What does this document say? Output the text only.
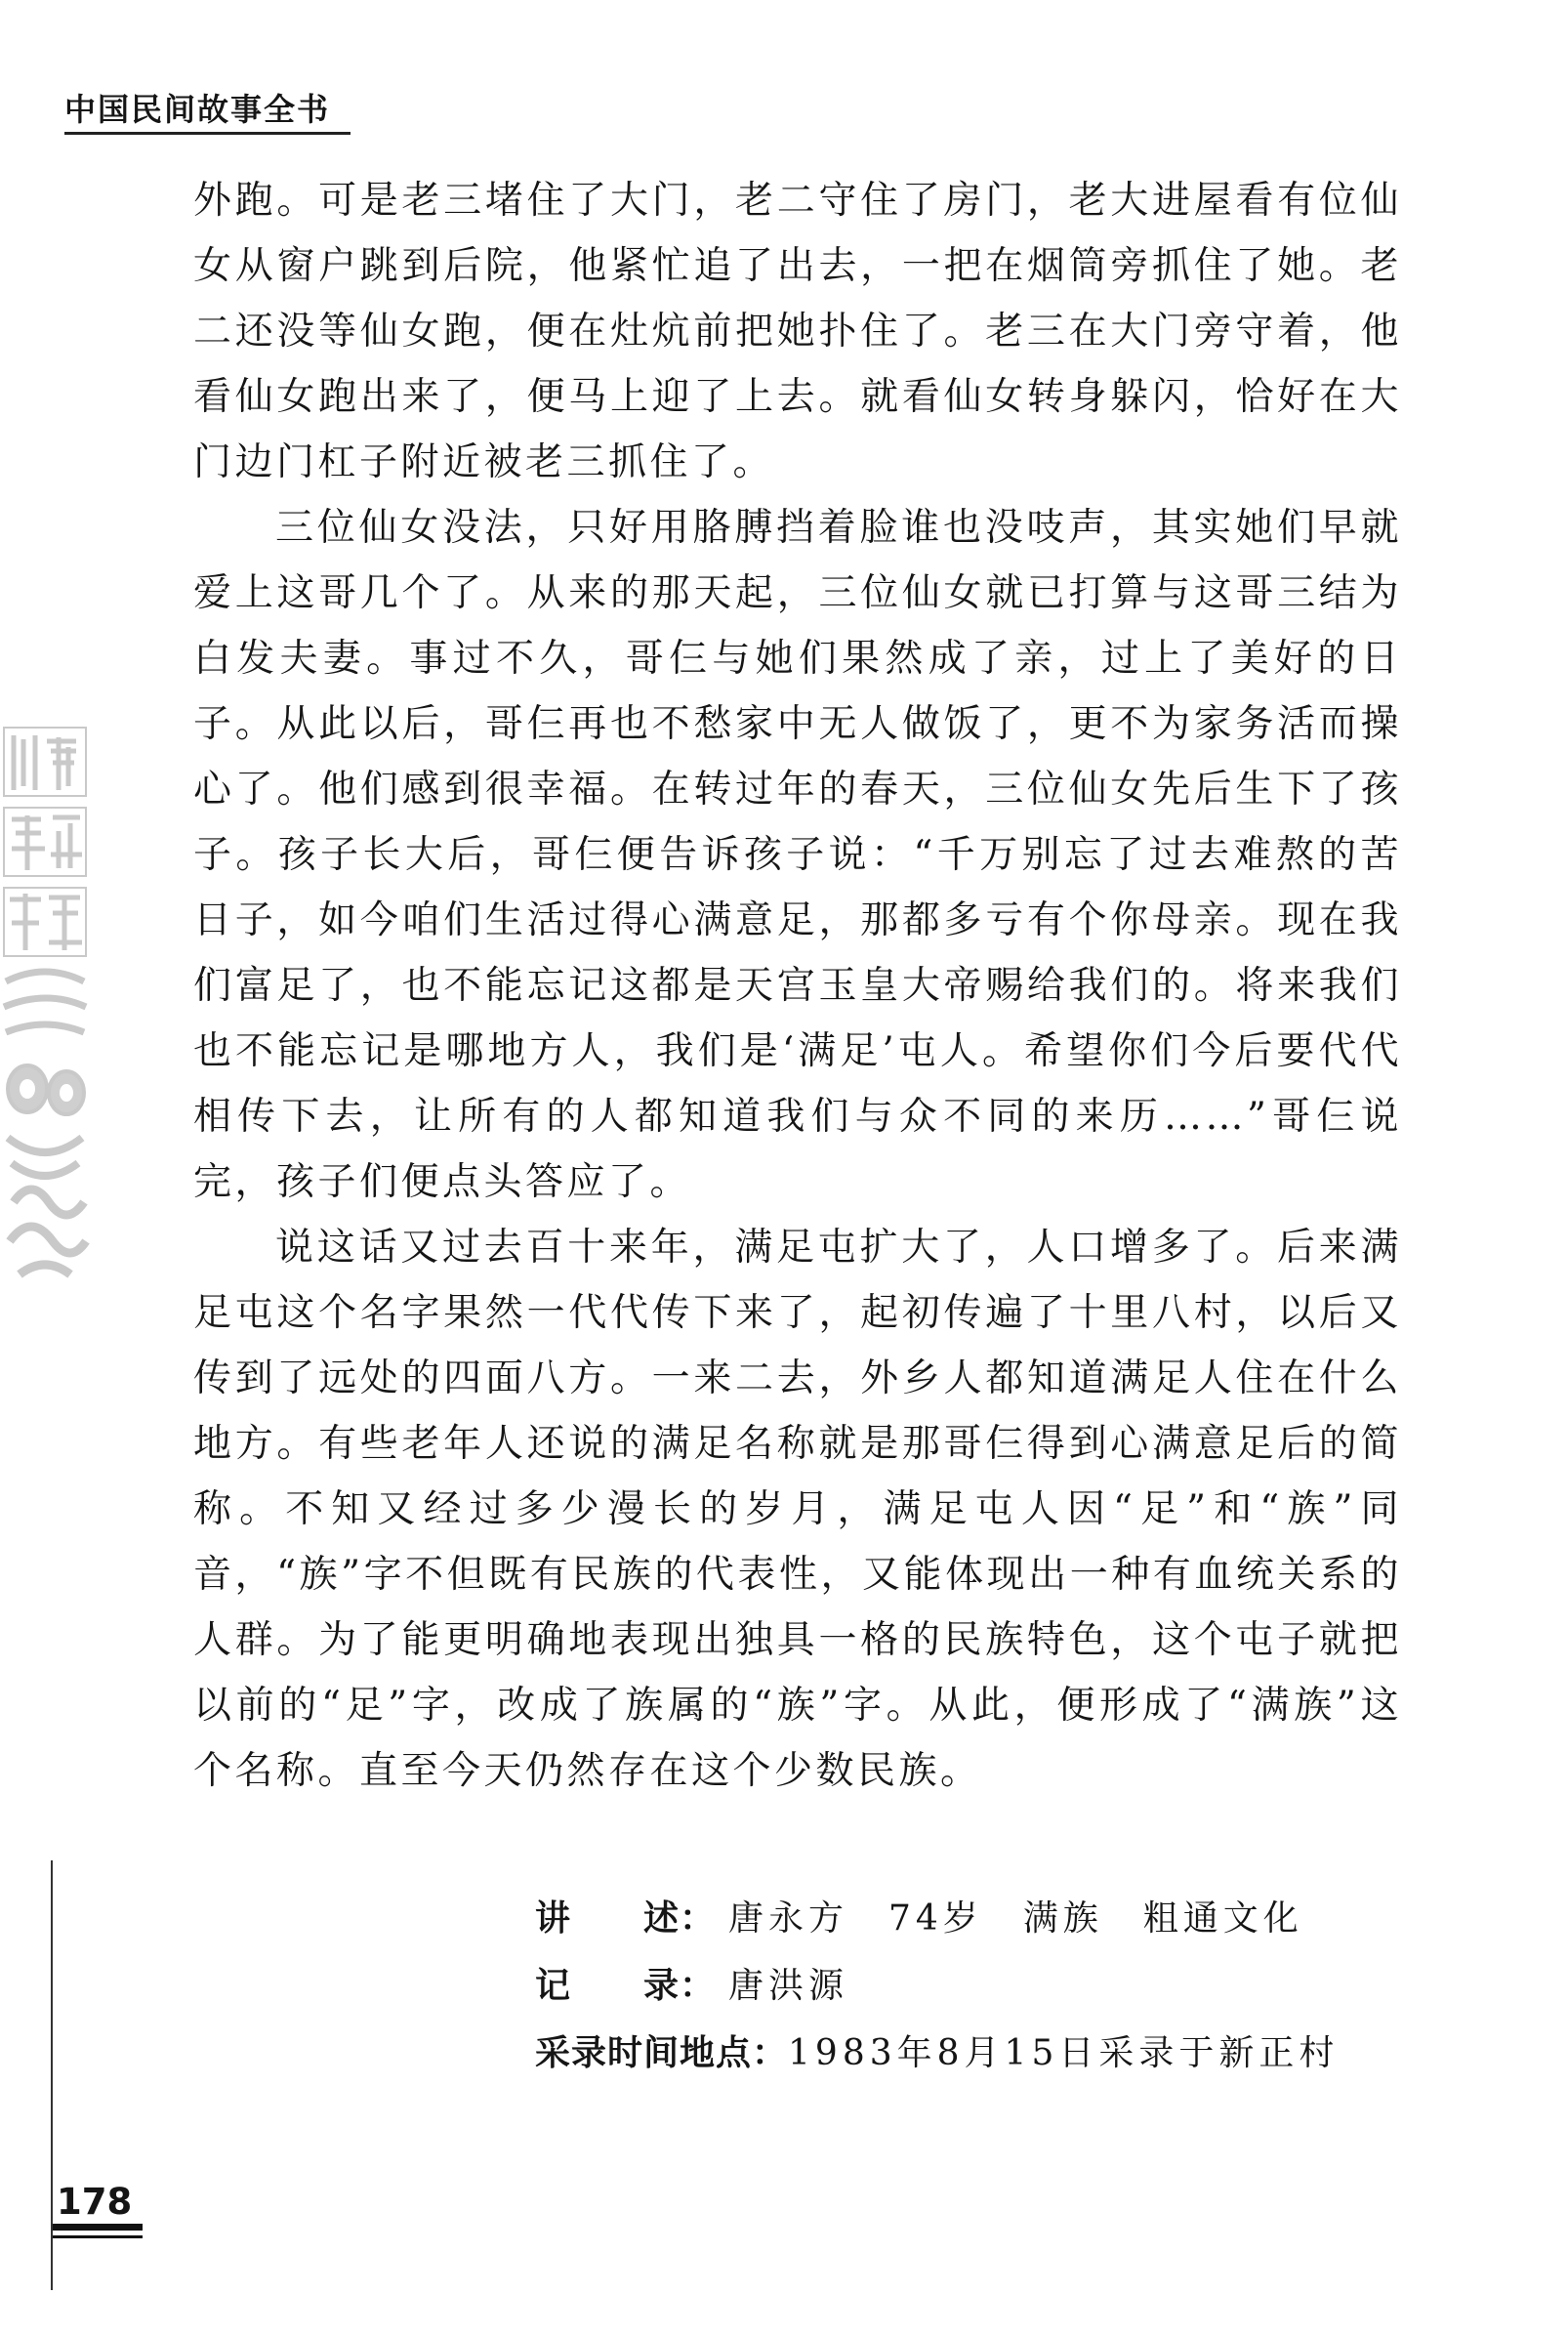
中国民间故事全书

外跑。可是老三堵住了大门，老二守住了房门，老大进屋看有位仙女从窗户跳到后院，他紧忙追了出去，一把在烟筒旁抓住了她。老二还没等仙女跑，便在灶炕前把她扑住了。老三在大门旁守着，他看仙女跑出来了，便马上迎了上去。就看仙女转身躲闪，恰好在大门边门杠子附近被老三抓住了。

三位仙女没法，只好用胳膊挡着脸谁也没吱声，其实她们早就爱上这哥几个了。从来的那天起，三位仙女就已打算与这哥三结为白发夫妻。事过不久，哥仨与她们果然成了亲，过上了美好的日子。从此以后，哥仨再也不愁家中无人做饭了，更不为家务活而操心了。他们感到很幸福。在转过年的春天，三位仙女先后生下了孩子。孩子长大后，哥仨便告诉孩子说：“千万别忘了过去难熬的苦日子，如今咱们生活过得心满意足，那都多亏有个你母亲。现在我们富足了，也不能忘记这都是天宫玉皇大帝赐给我们的。将来我们也不能忘记是哪地方人，我们是‘满足’屯人。希望你们今后要代代相传下去，让所有的人都知道我们与众不同的来历……”哥仨说完，孩子们便点头答应了。

说这话又过去百十来年，满足屯扩大了，人口增多了。后来满足屯这个名字果然一代代传下来了，起初传遍了十里八村，以后又传到了远处的四面八方。一来二去，外乡人都知道满足人住在什么地方。有些老年人还说的满足名称就是那哥仨得到心满意足后的简称。不知又经过多少漫长的岁月，满足屯人因“足”和“族”同音，“族”字不但既有民族的代表性，又能体现出一种有血统关系的人群。为了能更明确地表现出独具一格的民族特色，这个屯子就把以前的“足”字，改成了族属的“族”字。从此，便形成了“满族”这个名称。直至今天仍然存在这个少数民族。

讲　　述： 唐永方　74岁　满族　粗通文化
记　　录： 唐洪源
采录时间地点：1983年8月15日采录于新正村
178
